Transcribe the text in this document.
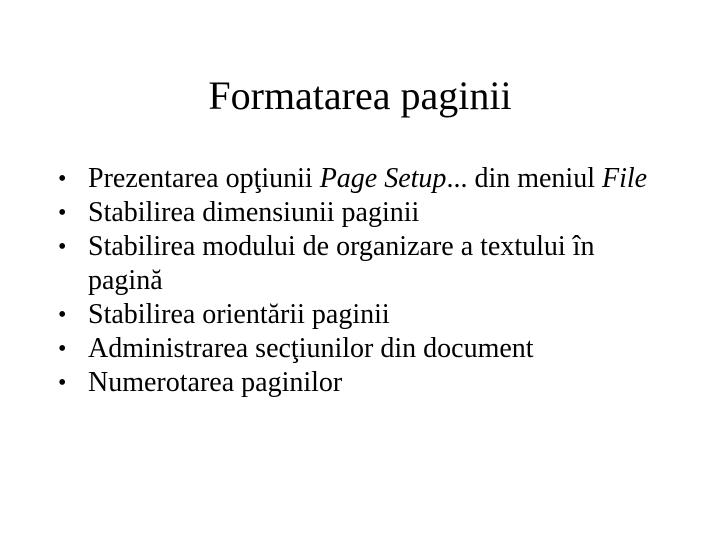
Formatarea paginii
• Prezentarea opţiunii Page Setup... din meniul File
• Stabilirea dimensiunii paginii
• Stabilirea modului de organizare a textului în pagină
• Stabilirea orientării paginii
• Administrarea secţiunilor din document
• Numerotarea paginilor
